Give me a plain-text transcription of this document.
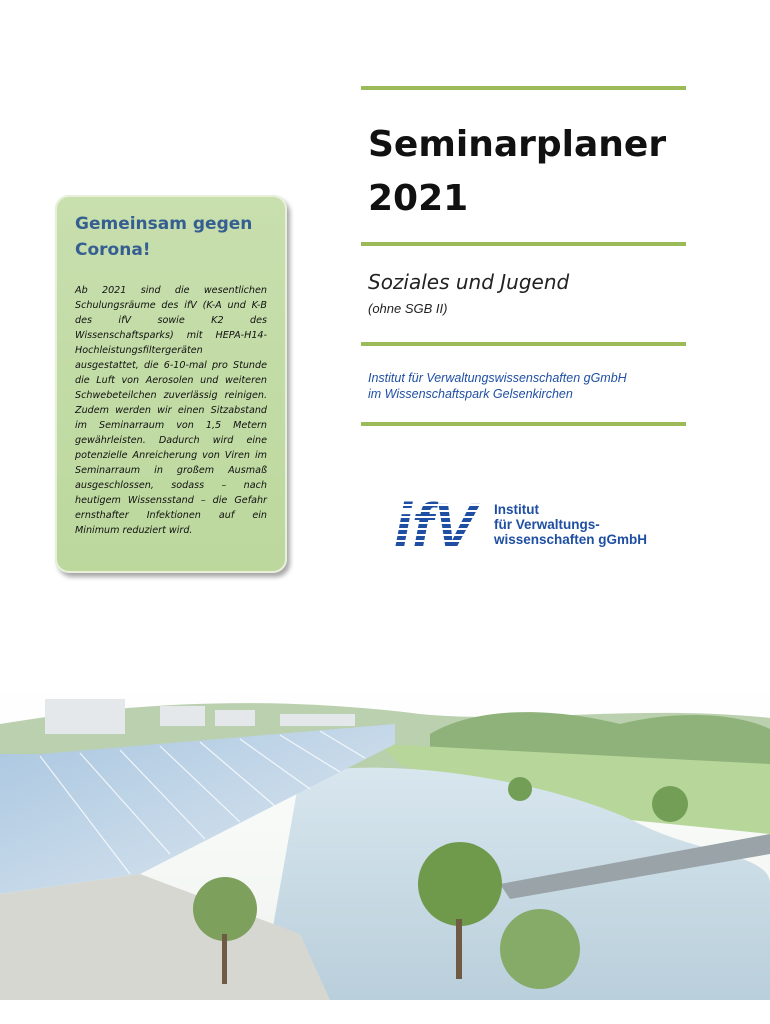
Seminarplaner
2021
Soziales und Jugend
(ohne SGB II)
Institut für Verwaltungswissenschaften gGmbH
im Wissenschaftspark Gelsenkirchen
Gemeinsam gegen Corona!
Ab 2021 sind die wesentlichen Schulungsräume des ifV (K-A und K-B des ifV sowie K2 des Wissenschaftsparks) mit HEPA-H14-Hochleistungsfiltergeräten ausgestattet, die 6-10-mal pro Stunde die Luft von Aerosolen und weiteren Schwebeteilchen zuverlässig reinigen. Zudem werden wir einen Sitzabstand im Seminarraum von 1,5 Metern gewährleisten. Dadurch wird eine potenzielle Anreicherung von Viren im Seminarraum in großem Ausmaß ausgeschlossen, sodass – nach heutigem Wissensstand – die Gefahr ernsthafter Infektionen auf ein Minimum reduziert wird.	ifV	Institut
für Verwaltungs-
wissenschaften gGmbH
